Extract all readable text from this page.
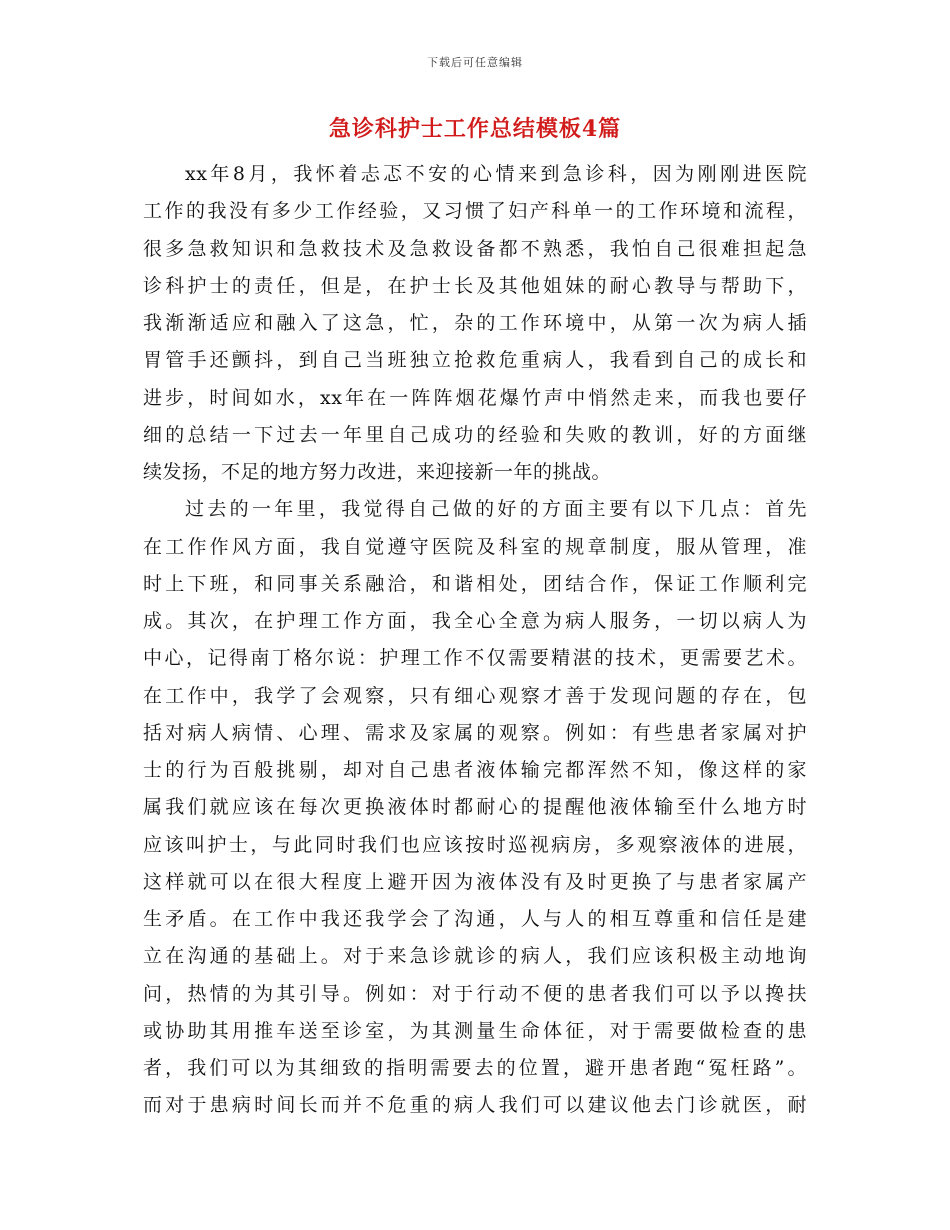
下载后可任意编辑
急诊科护士工作总结模板4篇
xx年8月，我怀着忐忑不安的心情来到急诊科，因为刚刚进医院
工作的我没有多少工作经验，又习惯了妇产科单一的工作环境和流程，
很多急救知识和急救技术及急救设备都不熟悉，我怕自己很难担起急
诊科护士的责任，但是，在护士长及其他姐妹的耐心教导与帮助下，
我渐渐适应和融入了这急，忙，杂的工作环境中，从第一次为病人插
胃管手还颤抖，到自己当班独立抢救危重病人，我看到自己的成长和
进步，时间如水，xx年在一阵阵烟花爆竹声中悄然走来，而我也要仔
细的总结一下过去一年里自己成功的经验和失败的教训，好的方面继
续发扬，不足的地方努力改进，来迎接新一年的挑战。
过去的一年里，我觉得自己做的好的方面主要有以下几点：首先
在工作作风方面，我自觉遵守医院及科室的规章制度，服从管理，准
时上下班，和同事关系融洽，和谐相处，团结合作，保证工作顺利完
成。其次，在护理工作方面，我全心全意为病人服务，一切以病人为
中心，记得南丁格尔说：护理工作不仅需要精湛的技术，更需要艺术。
在工作中，我学了会观察，只有细心观察才善于发现问题的存在，包
括对病人病情、心理、需求及家属的观察。例如：有些患者家属对护
士的行为百般挑剔，却对自己患者液体输完都浑然不知，像这样的家
属我们就应该在每次更换液体时都耐心的提醒他液体输至什么地方时
应该叫护士，与此同时我们也应该按时巡视病房，多观察液体的进展，
这样就可以在很大程度上避开因为液体没有及时更换了与患者家属产
生矛盾。在工作中我还我学会了沟通，人与人的相互尊重和信任是建
立在沟通的基础上。对于来急诊就诊的病人，我们应该积极主动地询
问，热情的为其引导。例如：对于行动不便的患者我们可以予以搀扶
或协助其用推车送至诊室，为其测量生命体征，对于需要做检查的患
者，我们可以为其细致的指明需要去的位置，避开患者跑“冤枉路”。
而对于患病时间长而并不危重的病人我们可以建议他去门诊就医，耐
